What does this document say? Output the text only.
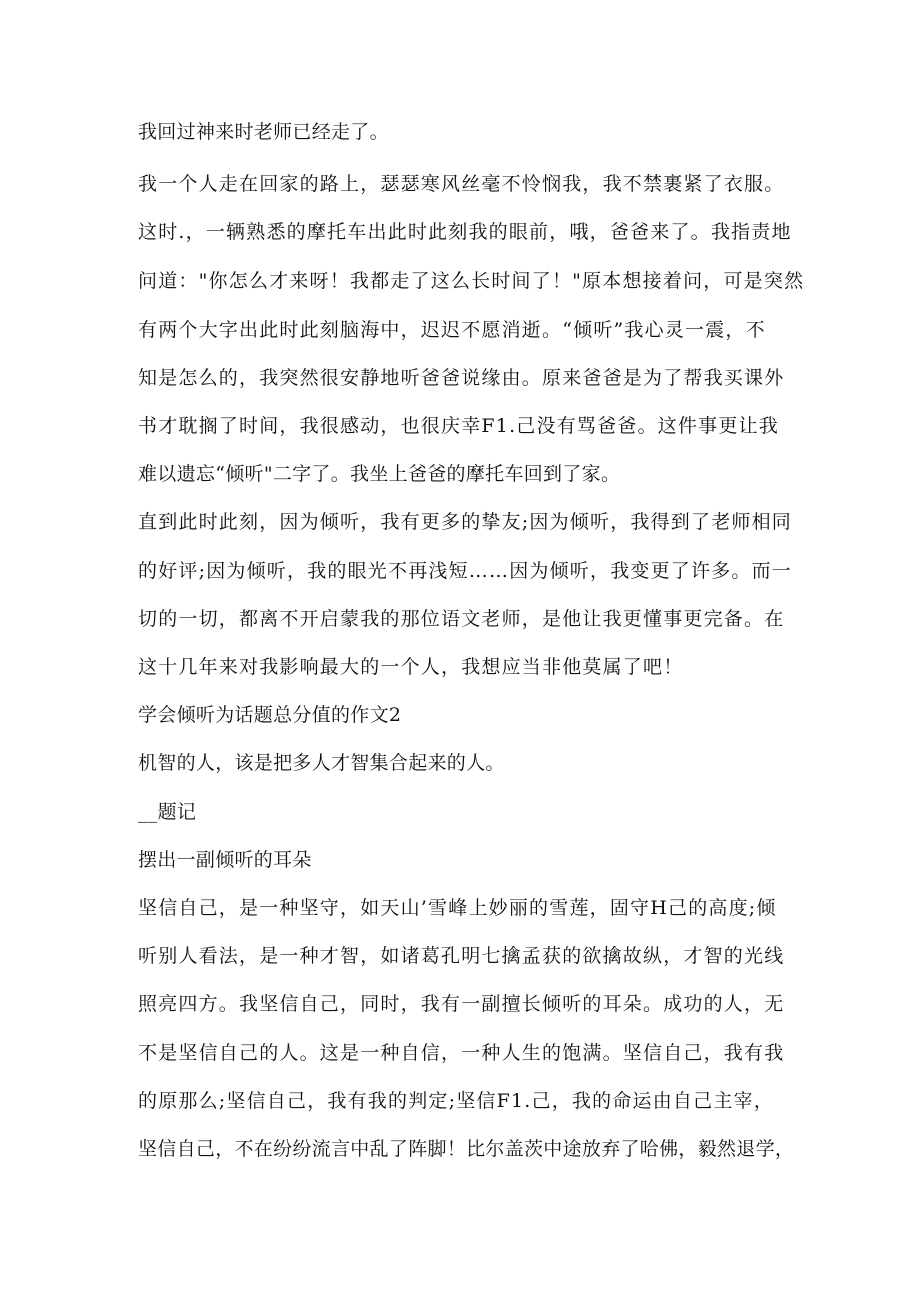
我回过神来时老师已经走了。
我一个人走在回家的路上，瑟瑟寒风丝毫不怜悯我，我不禁裹紧了衣服。
这时.，一辆熟悉的摩托车出此时此刻我的眼前，哦，爸爸来了。我指责地
问道："你怎么才来呀！我都走了这么长时间了！"原本想接着问，可是突然
有两个大字出此时此刻脑海中，迟迟不愿消逝。“倾听”我心灵一震，不
知是怎么的，我突然很安静地听爸爸说缘由。原来爸爸是为了帮我买课外
书才耽搁了时间，我很感动，也很庆幸F1.己没有骂爸爸。这件事更让我
难以遗忘“倾听"二字了。我坐上爸爸的摩托车回到了家。
直到此时此刻，因为倾听，我有更多的挚友;因为倾听，我得到了老师相同
的好评;因为倾听，我的眼光不再浅短……因为倾听，我变更了许多。而一
切的一切，都离不开启蒙我的那位语文老师，是他让我更懂事更完备。在
这十几年来对我影响最大的一个人，我想应当非他莫属了吧！
学会倾听为话题总分值的作文2
机智的人，该是把多人才智集合起来的人。
__题记
摆出一副倾听的耳朵
坚信自己，是一种坚守，如天山’雪峰上妙丽的雪莲，固守H己的高度;倾
听别人看法，是一种才智，如诸葛孔明七擒孟获的欲擒故纵，才智的光线
照亮四方。我坚信自己，同时，我有一副擅长倾听的耳朵。成功的人，无
不是坚信自己的人。这是一种自信，一种人生的饱满。坚信自己，我有我
的原那么;坚信自己，我有我的判定;坚信F1.己，我的命运由自己主宰，
坚信自己，不在纷纷流言中乱了阵脚！比尔盖茨中途放弃了哈佛，毅然退学，
